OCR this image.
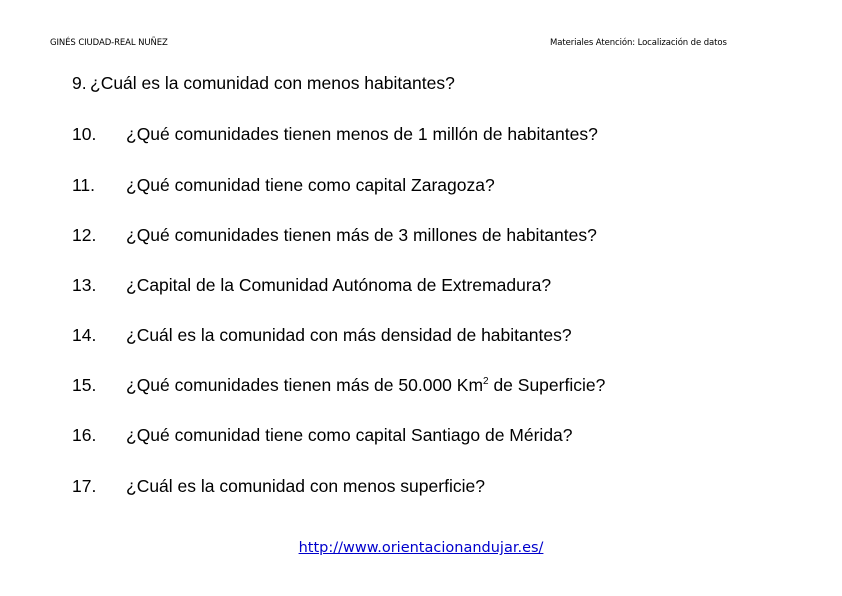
GINÉS CIUDAD-REAL NUÑEZ	Materiales Atención: Localización de datos
9. ¿Cuál es la comunidad con menos habitantes?
10. ¿Qué comunidades tienen menos de 1 millón de habitantes?
11. ¿Qué comunidad tiene como capital Zaragoza?
12. ¿Qué comunidades tienen más de 3 millones de habitantes?
13. ¿Capital de la Comunidad Autónoma de Extremadura?
14. ¿Cuál es la comunidad con más densidad de habitantes?
15. ¿Qué comunidades tienen más de 50.000 Km$^2$ de Superficie?
16. ¿Qué comunidad tiene como capital Santiago de Mérida?
17. ¿Cuál es la comunidad con menos superficie?
http://www.orientacionandujar.es/
